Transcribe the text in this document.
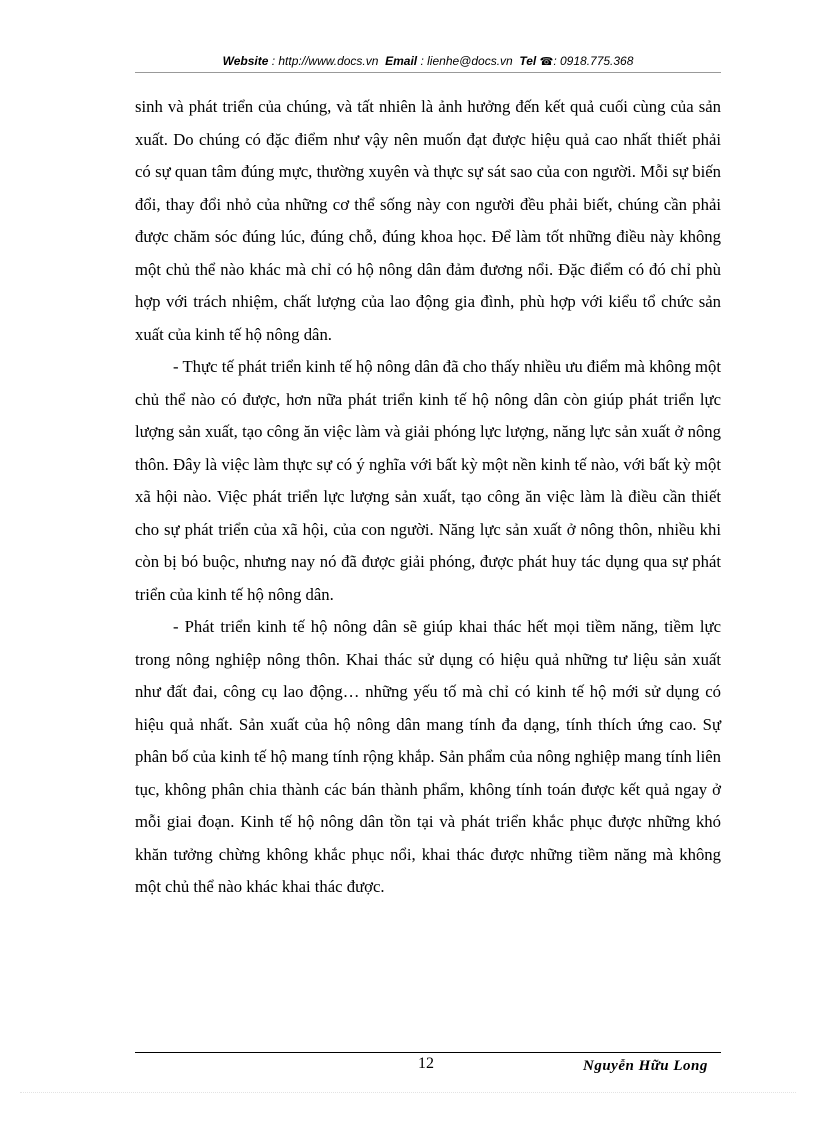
Website : http://www.docs.vn Email : lienhe@docs.vn Tel ☎: 0918.775.368

sinh và phát triển của chúng, và tất nhiên là ảnh hưởng đến kết quả cuối cùng của sản xuất. Do chúng có đặc điểm như vậy nên muốn đạt được hiệu quả cao nhất thiết phải có sự quan tâm đúng mực, thường xuyên và thực sự sát sao của con người. Mỗi sự biến đổi, thay đổi nhỏ của những cơ thể sống này con người đều phải biết, chúng cần phải được chăm sóc đúng lúc, đúng chỗ, đúng khoa học. Để làm tốt những điều này không một chủ thể nào khác mà chỉ có hộ nông dân đảm đương nổi. Đặc điểm có đó chỉ phù hợp với trách nhiệm, chất lượng của lao động gia đình, phù hợp với kiểu tổ chức sản xuất của kinh tế hộ nông dân.

- Thực tế phát triển kinh tế hộ nông dân đã cho thấy nhiều ưu điểm mà không một chủ thể nào có được, hơn nữa phát triển kinh tế hộ nông dân còn giúp phát triển lực lượng sản xuất, tạo công ăn việc làm và giải phóng lực lượng, năng lực sản xuất ở nông thôn. Đây là việc làm thực sự có ý nghĩa với bất kỳ một nền kinh tế nào, với bất kỳ một xã hội nào. Việc phát triển lực lượng sản xuất, tạo công ăn việc làm là điều cần thiết cho sự phát triển của xã hội, của con người. Năng lực sản xuất ở nông thôn, nhiều khi còn bị bó buộc, nhưng nay nó đã được giải phóng, được phát huy tác dụng qua sự phát triển của kinh tế hộ nông dân.

- Phát triển kinh tế hộ nông dân sẽ giúp khai thác hết mọi tiềm năng, tiềm lực trong nông nghiệp nông thôn. Khai thác sử dụng có hiệu quả những tư liệu sản xuất như đất đai, công cụ lao động… những yếu tố mà chỉ có kinh tế hộ mới sử dụng có hiệu quả nhất. Sản xuất của hộ nông dân mang tính đa dạng, tính thích ứng cao. Sự phân bố của kinh tế hộ mang tính rộng khắp. Sản phẩm của nông nghiệp mang tính liên tục, không phân chia thành các bán thành phẩm, không tính toán được kết quả ngay ở mỗi giai đoạn. Kinh tế hộ nông dân tồn tại và phát triển khắc phục được những khó khăn tưởng chừng không khắc phục nổi, khai thác được những tiềm năng mà không một chủ thể nào khác khai thác được.

12	Nguyễn Hữu Long
